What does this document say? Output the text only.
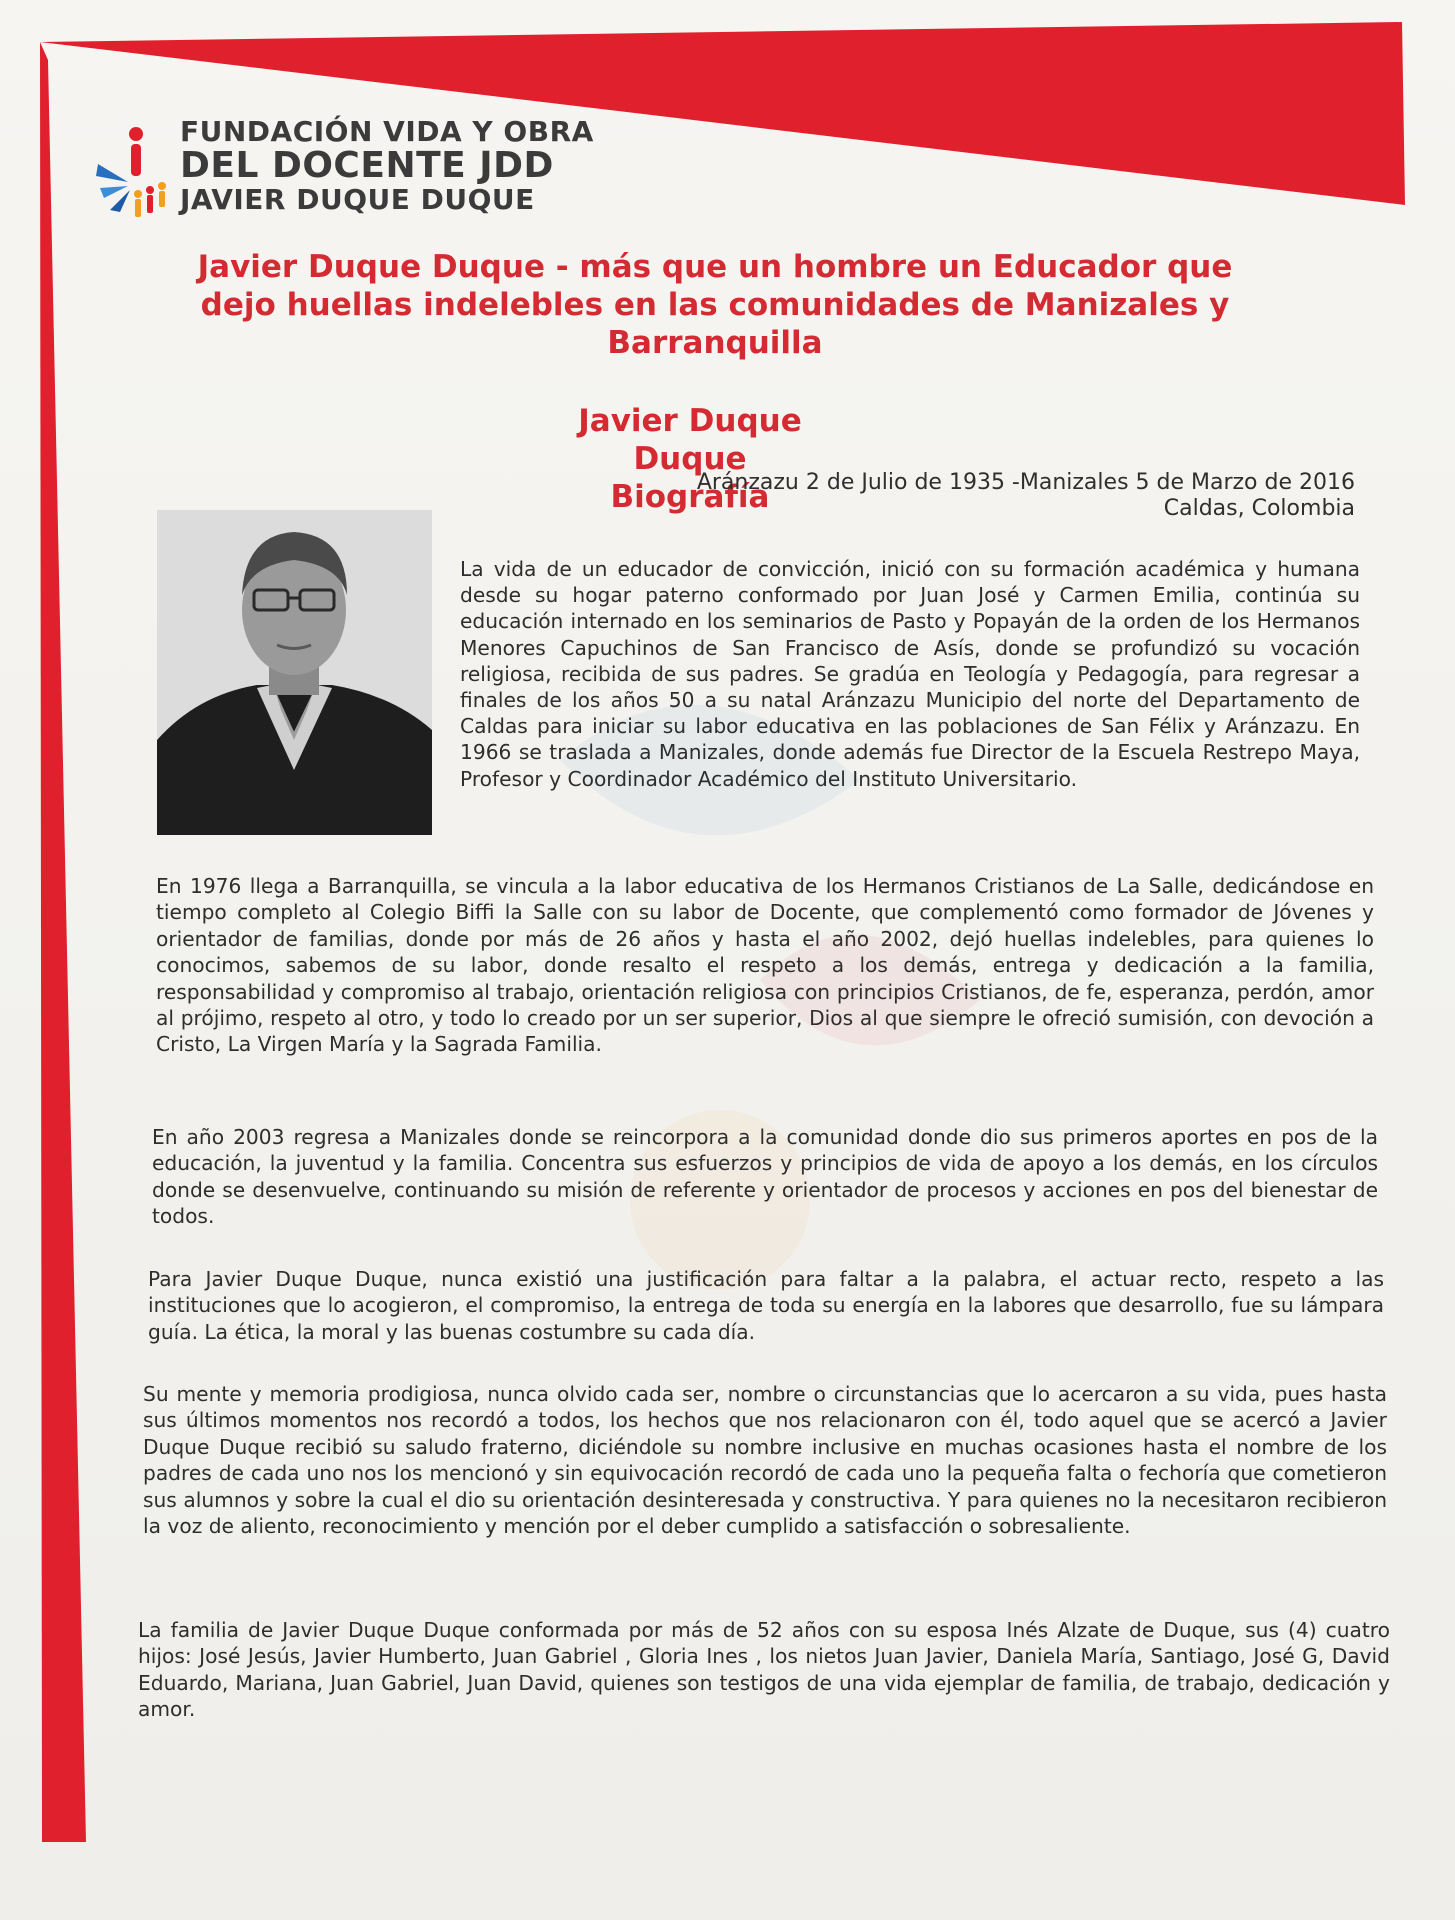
FUNDACIÓN VIDA Y OBRA
DEL DOCENTE JDD
JAVIER DUQUE DUQUE
Javier Duque Duque - más que un hombre un Educador que dejo huellas indelebles en las comunidades de Manizales y Barranquilla
Javier Duque Duque
Biografía
Aránzazu 2 de Julio de 1935 -Manizales 5 de Marzo de 2016
Caldas, Colombia
La vida de un educador de convicción, inició con su formación académica y humana desde su hogar paterno conformado por Juan José y Carmen Emilia, continúa su educación internado en los seminarios de Pasto y Popayán de la orden de los Hermanos Menores Capuchinos de San Francisco de Asís, donde se profundizó su vocación religiosa, recibida de sus padres. Se gradúa en Teología y Pedagogía, para regresar a finales de los años 50 a su natal Aránzazu Municipio del norte del Departamento de Caldas para iniciar su labor educativa en las poblaciones de San Félix y Aránzazu. En 1966 se traslada a Manizales, donde además fue Director de la Escuela Restrepo Maya, Profesor y Coordinador Académico del Instituto Universitario.
En 1976 llega a Barranquilla, se vincula a la labor educativa de los Hermanos Cristianos de La Salle, dedicándose en tiempo completo al Colegio Biffi la Salle con su labor de Docente, que complementó como formador de Jóvenes y orientador de familias, donde por más de 26 años y hasta el año 2002, dejó huellas indelebles, para quienes lo conocimos, sabemos de su labor, donde resalto el respeto a los demás, entrega y dedicación a la familia, responsabilidad y compromiso al trabajo, orientación religiosa con principios Cristianos, de fe, esperanza, perdón, amor al prójimo, respeto al otro, y todo lo creado por un ser superior, Dios al que siempre le ofreció sumisión, con devoción a Cristo, La Virgen María y la Sagrada Familia.
En año 2003 regresa a Manizales donde se reincorpora a la comunidad donde dio sus primeros aportes en pos de la educación, la juventud y la familia. Concentra sus esfuerzos y principios de vida de apoyo a los demás, en los círculos donde se desenvuelve, continuando su misión de referente y orientador de procesos y acciones en pos del bienestar de todos.
Para Javier Duque Duque, nunca existió una justificación para faltar a la palabra, el actuar recto, respeto a las instituciones que lo acogieron, el compromiso, la entrega de toda su energía en la labores que desarrollo, fue su lámpara guía. La ética, la moral y las buenas costumbre su cada día.
Su mente y memoria prodigiosa, nunca olvido cada ser, nombre o circunstancias que lo acercaron a su vida, pues hasta sus últimos momentos nos recordó a todos, los hechos que nos relacionaron con él, todo aquel que se acercó a Javier Duque Duque recibió su saludo fraterno, diciéndole su nombre inclusive en muchas ocasiones hasta el nombre de los padres de cada uno nos los mencionó y sin equivocación recordó de cada uno la pequeña falta o fechoría que cometieron sus alumnos y sobre la cual el dio su orientación desinteresada y constructiva. Y para quienes no la necesitaron recibieron la voz de aliento, reconocimiento y mención por el deber cumplido a satisfacción o sobresaliente.
La familia de Javier Duque Duque conformada por más de 52 años con su esposa Inés Alzate de Duque, sus (4) cuatro hijos: José Jesús, Javier Humberto, Juan Gabriel , Gloria Ines , los nietos Juan Javier, Daniela María, Santiago, José G, David Eduardo, Mariana, Juan Gabriel, Juan David, quienes son testigos de una vida ejemplar de familia, de trabajo, dedicación y amor.
